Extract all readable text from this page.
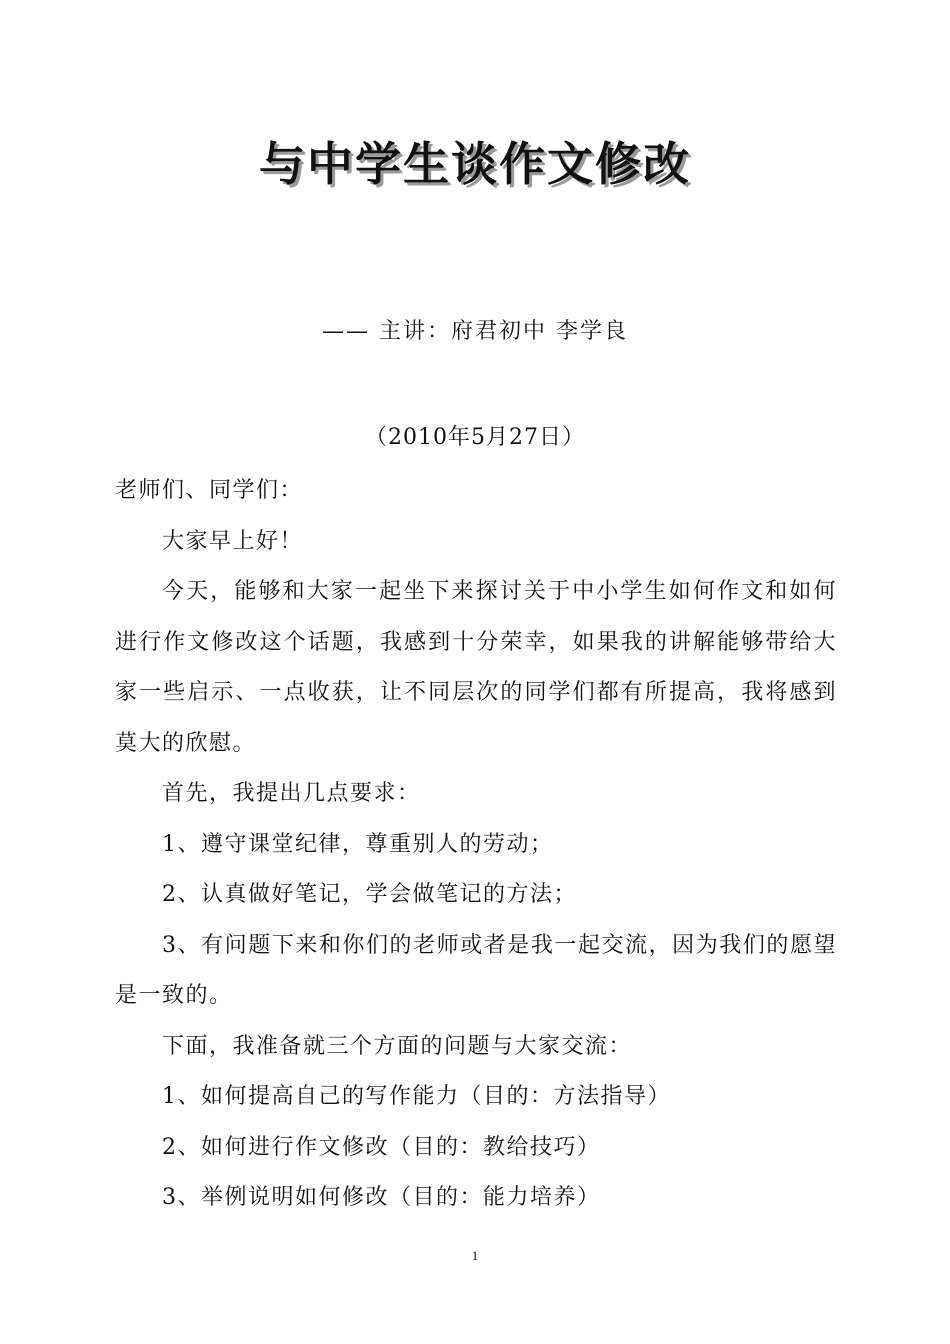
与中学生谈作文修改
—— 主讲：府君初中 李学良
（2010年5月27日）

老师们、同学们：

大家早上好！

今天，能够和大家一起坐下来探讨关于中小学生如何作文和如何进行作文修改这个话题，我感到十分荣幸，如果我的讲解能够带给大家一些启示、一点收获，让不同层次的同学们都有所提高，我将感到莫大的欣慰。

首先，我提出几点要求：

1、遵守课堂纪律，尊重别人的劳动；

2、认真做好笔记，学会做笔记的方法；

3、有问题下来和你们的老师或者是我一起交流，因为我们的愿望是一致的。

下面，我准备就三个方面的问题与大家交流：

1、如何提高自己的写作能力（目的：方法指导）

2、如何进行作文修改（目的：教给技巧）

3、举例说明如何修改（目的：能力培养）

1
